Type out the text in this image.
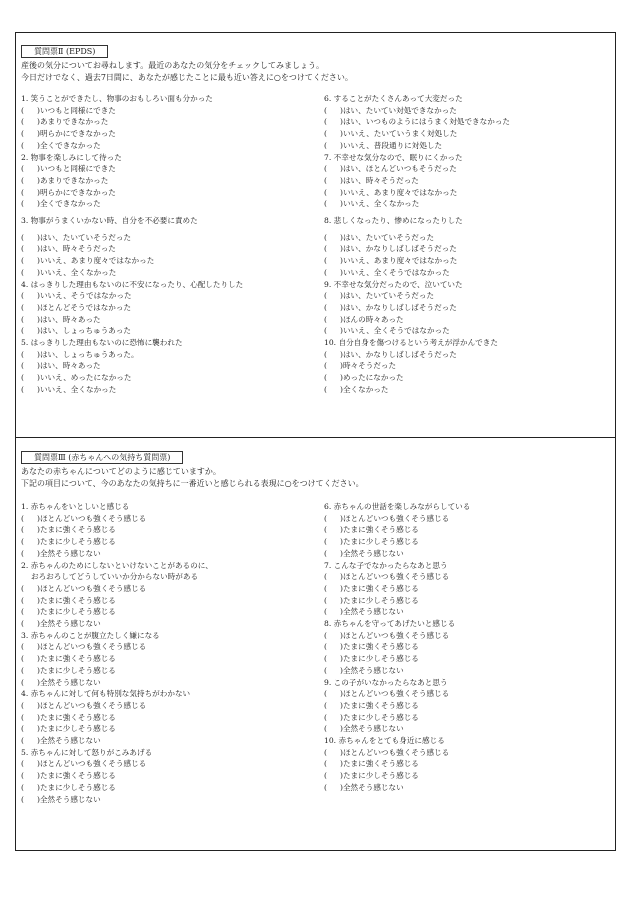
質問票Ⅱ (EPDS)
産後の気分についてお尋ねします。最近のあなたの気分をチェックしてみましょう。
今日だけでなく、過去7日間に、あなたが感じたことに最も近い答えに○をつけてください。
1. 笑うことができたし、物事のおもしろい面も分かった
( )いつもと同様にできた
( )あまりできなかった
( )明らかにできなかった
( )全くできなかった
2. 物事を楽しみにして待った
( )いつもと同様にできた
( )あまりできなかった
( )明らかにできなかった
( )全くできなかった
3. 物事がうまくいかない時、自分を不必要に責めた
( )はい、たいていそうだった
( )はい、時々そうだった
( )いいえ、あまり度々ではなかった
( )いいえ、全くなかった
4. はっきりした理由もないのに不安になったり、心配したりした
( )いいえ、そうではなかった
( )ほとんどそうではなかった
( )はい、時々あった
( )はい、しょっちゅうあった
5. はっきりした理由もないのに恐怖に襲われた
( )はい、しょっちゅうあった。
( )はい、時々あった
( )いいえ、めったになかった
( )いいえ、全くなかった
6. することがたくさんあって大変だった
( )はい、たいてい対処できなかった
( )はい、いつものようにはうまく対処できなかった
( )いいえ、たいていうまく対処した
( )いいえ、普段通りに対処した
7. 不幸せな気分なので、眠りにくかった
( )はい、ほとんどいつもそうだった
( )はい、時々そうだった
( )いいえ、あまり度々ではなかった
( )いいえ、全くなかった
8. 悲しくなったり、惨めになったりした
( )はい、たいていそうだった
( )はい、かなりしばしばそうだった
( )いいえ、あまり度々ではなかった
( )いいえ、全くそうではなかった
9. 不幸せな気分だったので、泣いていた
( )はい、たいていそうだった
( )はい、かなりしばしばそうだった
( )ほんの時々あった
( )いいえ、全くそうではなかった
10. 自分自身を傷つけるという考えが浮かんできた
( )はい、かなりしばしばそうだった
( )時々そうだった
( )めったになかった
( )全くなかった
質問票Ⅲ (赤ちゃんへの気持ち質問票)
あなたの赤ちゃんについてどのように感じていますか。
下記の項目について、今のあなたの気持ちに一番近いと感じられる表現に○をつけてください。
1. 赤ちゃんをいとしいと感じる
( )ほとんどいつも強くそう感じる
( )たまに強くそう感じる
( )たまに少しそう感じる
( )全然そう感じない
2. 赤ちゃんのためにしないといけないことがあるのに、
おろおろしてどうしていいか分からない時がある
( )ほとんどいつも強くそう感じる
( )たまに強くそう感じる
( )たまに少しそう感じる
( )全然そう感じない
3. 赤ちゃんのことが腹立たしく嫌になる
( )ほとんどいつも強くそう感じる
( )たまに強くそう感じる
( )たまに少しそう感じる
( )全然そう感じない
4. 赤ちゃんに対して何も特別な気持ちがわかない
( )ほとんどいつも強くそう感じる
( )たまに強くそう感じる
( )たまに少しそう感じる
( )全然そう感じない
5. 赤ちゃんに対して怒りがこみあげる
( )ほとんどいつも強くそう感じる
( )たまに強くそう感じる
( )たまに少しそう感じる
( )全然そう感じない
6. 赤ちゃんの世話を楽しみながらしている
( )ほとんどいつも強くそう感じる
( )たまに強くそう感じる
( )たまに少しそう感じる
( )全然そう感じない
7. こんな子でなかったらなあと思う
( )ほとんどいつも強くそう感じる
( )たまに強くそう感じる
( )たまに少しそう感じる
( )全然そう感じない
8. 赤ちゃんを守ってあげたいと感じる
( )ほとんどいつも強くそう感じる
( )たまに強くそう感じる
( )たまに少しそう感じる
( )全然そう感じない
9. この子がいなかったらなあと思う
( )ほとんどいつも強くそう感じる
( )たまに強くそう感じる
( )たまに少しそう感じる
( )全然そう感じない
10. 赤ちゃんをとても身近に感じる
( )ほとんどいつも強くそう感じる
( )たまに強くそう感じる
( )たまに少しそう感じる
( )全然そう感じない
